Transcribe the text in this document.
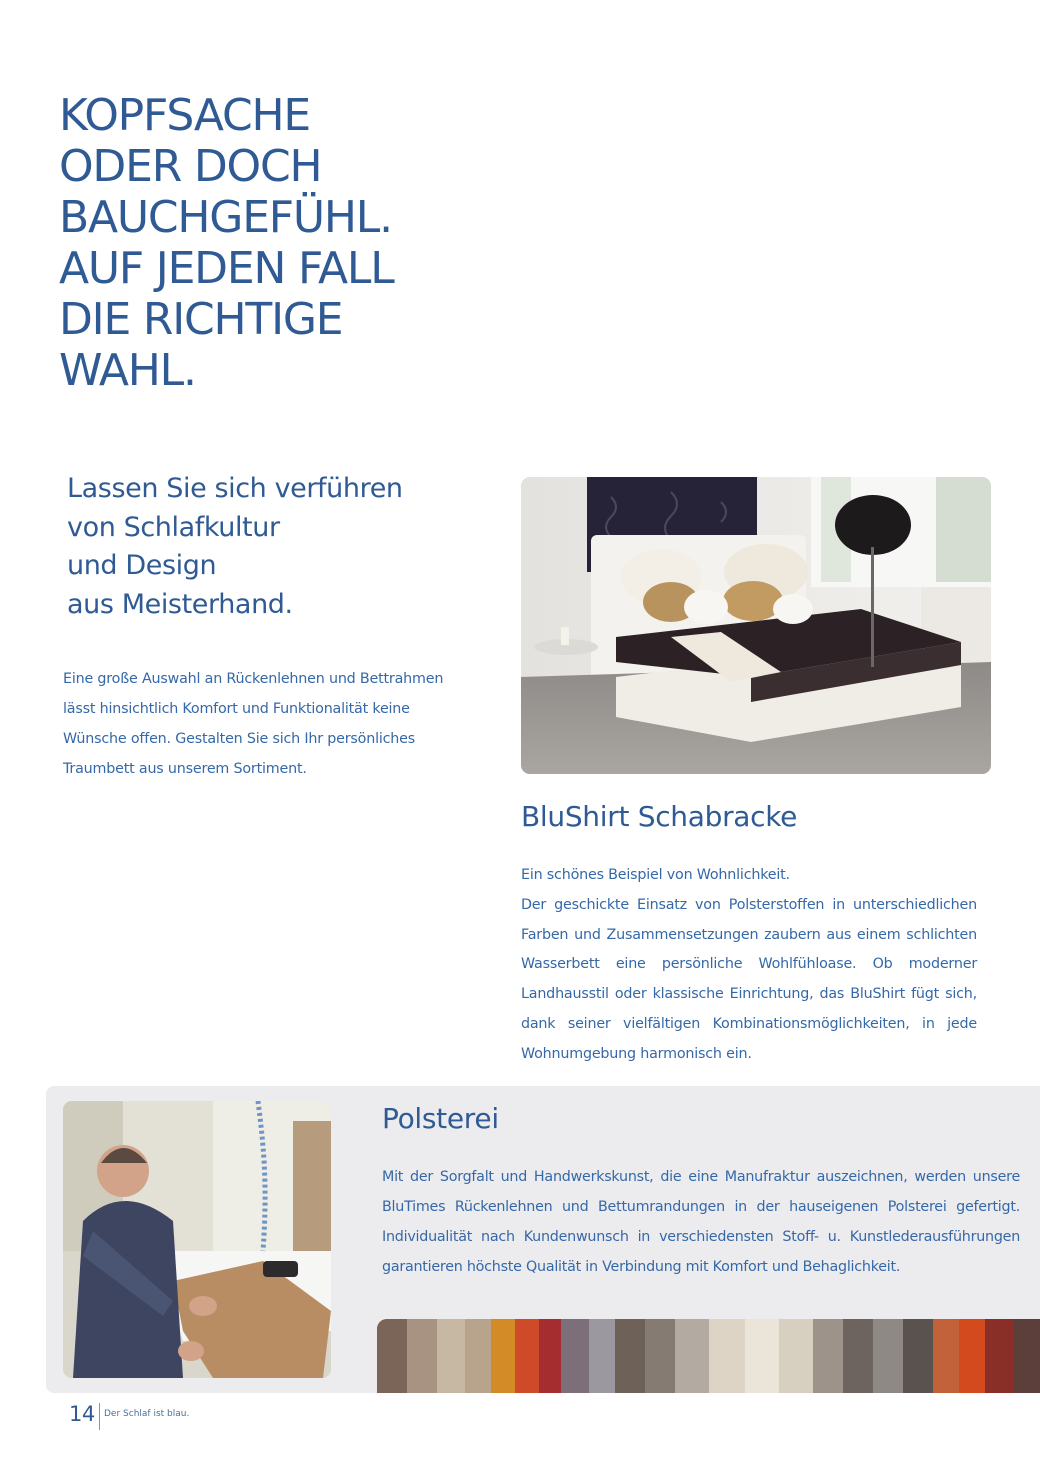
KOPFSACHE
ODER DOCH
BAUCHGEFÜHL.
AUF JEDEN FALL
DIE RICHTIGE
WAHL.
Lassen Sie sich verführen
von Schlafkultur
und Design
aus Meisterhand.

Eine große Auswahl an Rückenlehnen und Bettrahmen lässt hinsichtlich Komfort und Funktionalität keine Wünsche offen. Gestalten Sie sich Ihr persönliches Traumbett aus unserem Sortiment.

BluShirt Schabracke
Ein schönes Beispiel von Wohnlichkeit.
Der geschickte Einsatz von Polsterstoffen in unterschiedlichen Farben und Zusammensetzungen zaubern aus einem schlichten Wasserbett eine persönliche Wohlfühloase. Ob moderner Landhausstil oder klassische Einrichtung, das BluShirt fügt sich, dank seiner vielfältigen Kombinationsmöglichkeiten, in jede Wohnumgebung harmonisch ein.
Polsterei

Mit der Sorgfalt und Handwerkskunst, die eine Manufraktur auszeichnen, werden unsere BluTimes Rückenlehnen und Bettumrandungen in der hauseigenen Polsterei gefertigt. Individualität nach Kundenwunsch in verschiedensten Stoff- u. Kunstlederausführungen garantieren höchste Qualität in Verbindung mit Komfort und Behaglichkeit.

14 Der Schlaf ist blau.
